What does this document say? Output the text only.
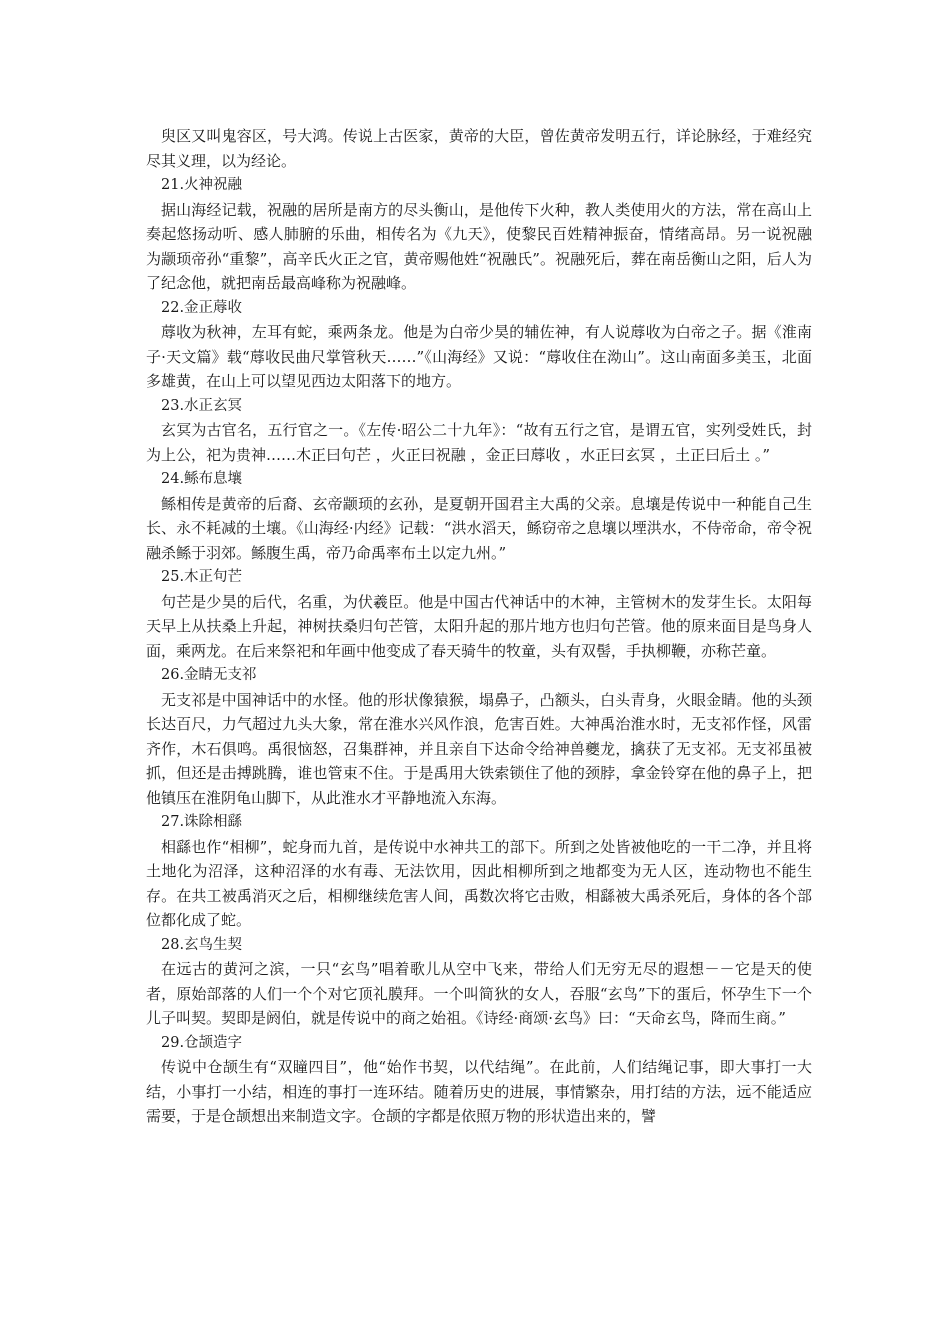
臾区又叫鬼容区，号大鸿。传说上古医家，黄帝的大臣，曾佐黄帝发明五行，详论脉经，于难经究尽其义理，以为经论。

21.火神祝融

据山海经记载，祝融的居所是南方的尽头衡山，是他传下火种，教人类使用火的方法，常在高山上奏起悠扬动听、感人肺腑的乐曲，相传名为《九天》，使黎民百姓精神振奋，情绪高昂。另一说祝融为颛顼帝孙“重黎”，高辛氏火正之官，黄帝赐他姓“祝融氏”。祝融死后，葬在南岳衡山之阳，后人为了纪念他，就把南岳最高峰称为祝融峰。

22.金正蓐收

蓐收为秋神，左耳有蛇，乘两条龙。他是为白帝少昊的辅佐神，有人说蓐收为白帝之子。据《淮南子·天文篇》载“蓐收民曲尺掌管秋天……”《山海经》又说：“蓐收住在泑山”。这山南面多美玉，北面多雄黄，在山上可以望见西边太阳落下的地方。

23.水正玄冥

玄冥为古官名，五行官之一。《左传·昭公二十九年》：“故有五行之官，是谓五官，实列受姓氏，封为上公，祀为贵神……木正曰句芒 ，火正曰祝融 ，金正曰蓐收 ，水正曰玄冥 ，土正曰后土 。”

24.鲧布息壤

鲧相传是黄帝的后裔、玄帝颛顼的玄孙，是夏朝开国君主大禹的父亲。息壤是传说中一种能自己生长、永不耗减的土壤。《山海经·内经》记载：“洪水滔天，鲧窃帝之息壤以堙洪水，不侍帝命，帝令祝融杀鲧于羽郊。鲧腹生禹，帝乃命禹率布土以定九州。”

25.木正句芒

句芒是少昊的后代，名重，为伏羲臣。他是中国古代神话中的木神，主管树木的发芽生长。太阳每天早上从扶桑上升起，神树扶桑归句芒管，太阳升起的那片地方也归句芒管。他的原来面目是鸟身人面，乘两龙。在后来祭祀和年画中他变成了春天骑牛的牧童，头有双髻，手执柳鞭，亦称芒童。

26.金睛无支祁

无支祁是中国神话中的水怪。他的形状像猿猴，塌鼻子，凸额头，白头青身，火眼金睛。他的头颈长达百尺，力气超过九头大象，常在淮水兴风作浪，危害百姓。大神禹治淮水时，无支祁作怪，风雷齐作，木石俱鸣。禹很恼怒，召集群神，并且亲自下达命令给神兽夔龙，擒获了无支祁。无支祁虽被抓，但还是击搏跳腾，谁也管束不住。于是禹用大铁索锁住了他的颈脖，拿金铃穿在他的鼻子上，把他镇压在淮阴龟山脚下，从此淮水才平静地流入东海。

27.诛除相繇

相繇也作“相柳”，蛇身而九首，是传说中水神共工的部下。所到之处皆被他吃的一干二净，并且将土地化为沼泽，这种沼泽的水有毒、无法饮用，因此相柳所到之地都变为无人区，连动物也不能生存。在共工被禹消灭之后，相柳继续危害人间，禹数次将它击败，相繇被大禹杀死后，身体的各个部位都化成了蛇。

28.玄鸟生契

在远古的黄河之滨，一只“玄鸟”唱着歌儿从空中飞来，带给人们无穷无尽的遐想－－它是天的使者，原始部落的人们一个个对它顶礼膜拜。一个叫简狄的女人，吞服“玄鸟”下的蛋后，怀孕生下一个儿子叫契。契即是阏伯，就是传说中的商之始祖。《诗经·商颂·玄鸟》曰：“天命玄鸟，降而生商。”

29.仓颉造字

传说中仓颉生有“双瞳四目”，他“始作书契，以代结绳”。在此前，人们结绳记事，即大事打一大结，小事打一小结，相连的事打一连环结。随着历史的进展，事情繁杂，用打结的方法，远不能适应需要，于是仓颉想出来制造文字。仓颉的字都是依照万物的形状造出来的，譬
